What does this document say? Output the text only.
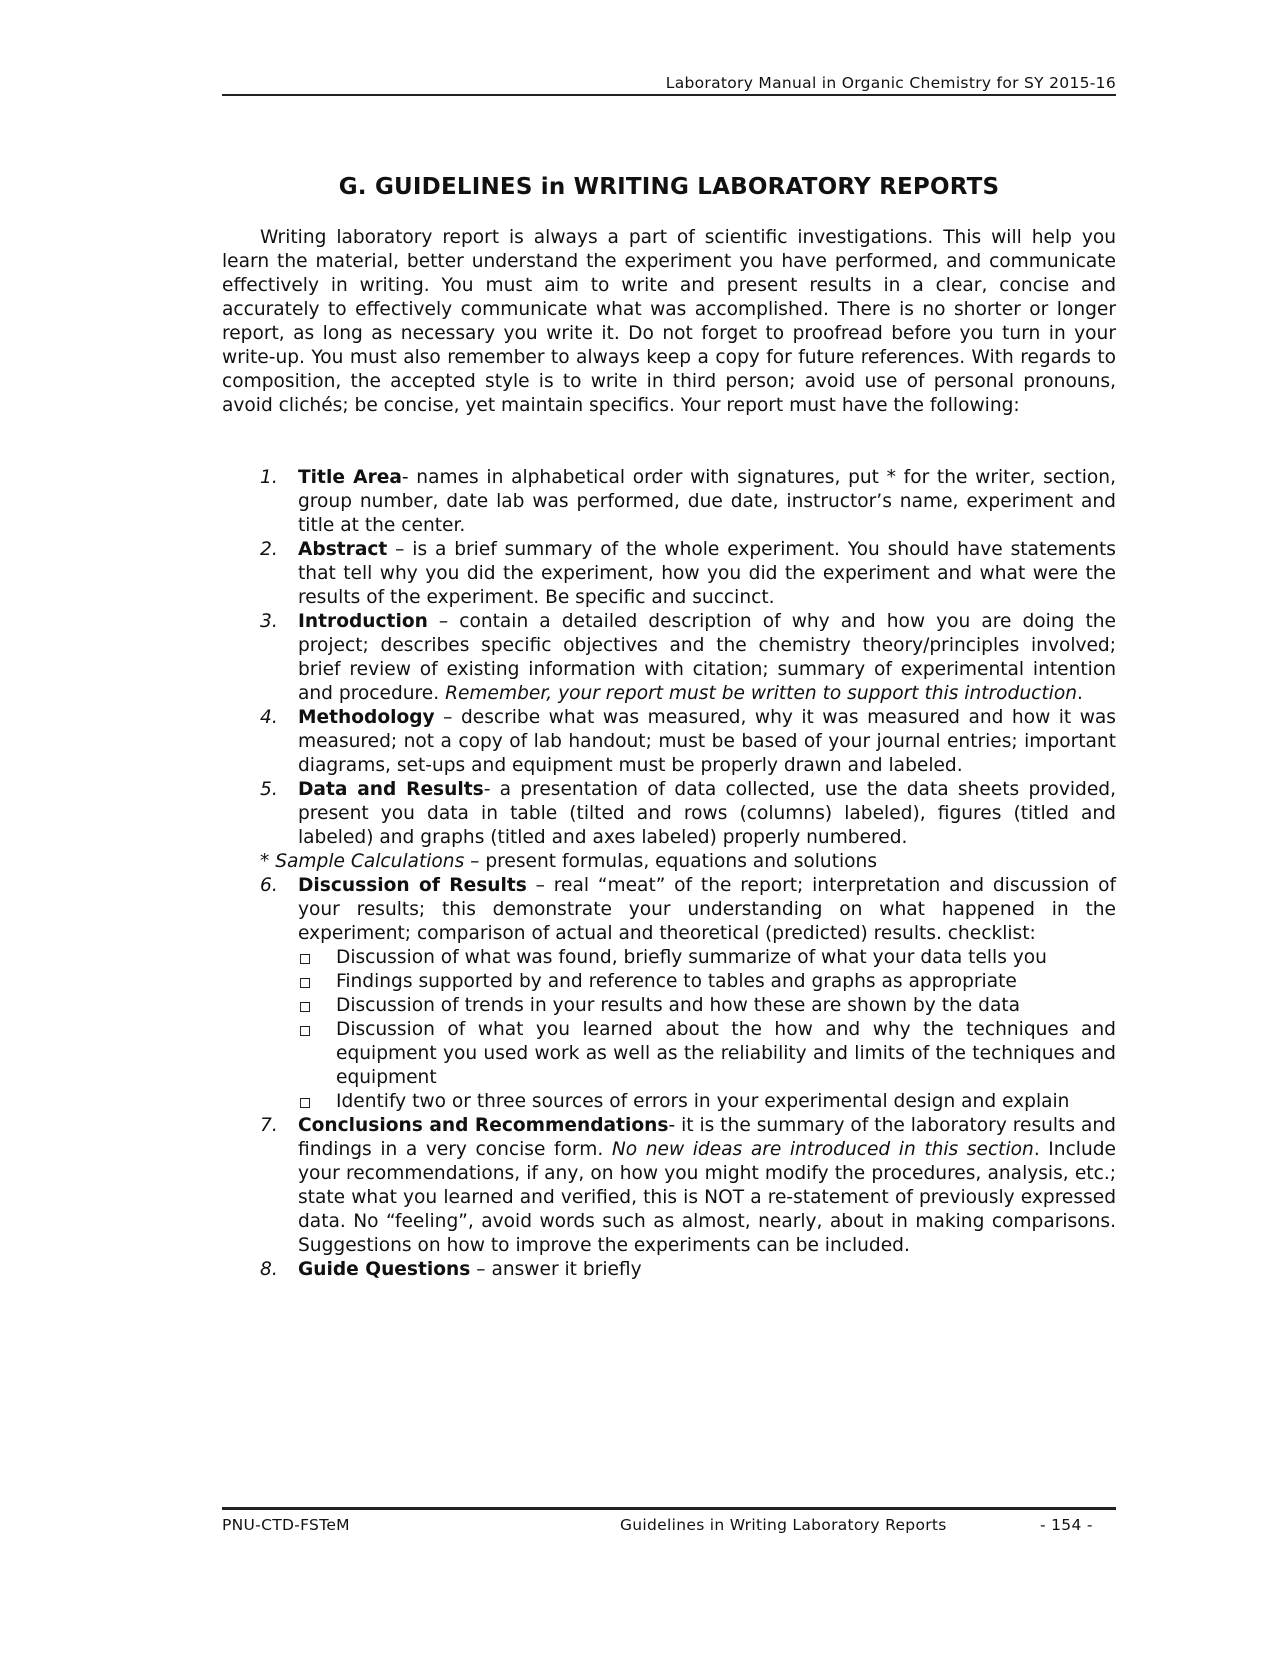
Laboratory Manual in Organic Chemistry for SY 2015-16
G. GUIDELINES in WRITING LABORATORY REPORTS

Writing laboratory report is always a part of scientific investigations. This will help you learn the material, better understand the experiment you have performed, and communicate effectively in writing. You must aim to write and present results in a clear, concise and accurately to effectively communicate what was accomplished. There is no shorter or longer report, as long as necessary you write it. Do not forget to proofread before you turn in your write-up. You must also remember to always keep a copy for future references. With regards to composition, the accepted style is to write in third person; avoid use of personal pronouns, avoid clichés; be concise, yet maintain specifics. Your report must have the following:

1. Title Area- names in alphabetical order with signatures, put * for the writer, section, group number, date lab was performed, due date, instructor’s name, experiment and title at the center.
2. Abstract – is a brief summary of the whole experiment. You should have statements that tell why you did the experiment, how you did the experiment and what were the results of the experiment. Be specific and succinct.
3. Introduction – contain a detailed description of why and how you are doing the project; describes specific objectives and the chemistry theory/principles involved; brief review of existing information with citation; summary of experimental intention and procedure. Remember, your report must be written to support this introduction.
4. Methodology – describe what was measured, why it was measured and how it was measured; not a copy of lab handout; must be based of your journal entries; important diagrams, set-ups and equipment must be properly drawn and labeled.
5. Data and Results- a presentation of data collected, use the data sheets provided, present you data in table (tilted and rows (columns) labeled), figures (titled and labeled) and graphs (titled and axes labeled) properly numbered.
* Sample Calculations – present formulas, equations and solutions
6. Discussion of Results – real “meat” of the report; interpretation and discussion of your results; this demonstrate your understanding on what happened in the experiment; comparison of actual and theoretical (predicted) results. checklist:
Discussion of what was found, briefly summarize of what your data tells you
Findings supported by and reference to tables and graphs as appropriate
Discussion of trends in your results and how these are shown by the data
Discussion of what you learned about the how and why the techniques and equipment you used work as well as the reliability and limits of the techniques and equipment
Identify two or three sources of errors in your experimental design and explain
7. Conclusions and Recommendations- it is the summary of the laboratory results and findings in a very concise form. No new ideas are introduced in this section. Include your recommendations, if any, on how you might modify the procedures, analysis, etc.; state what you learned and verified, this is NOT a re-statement of previously expressed data. No “feeling”, avoid words such as almost, nearly, about in making comparisons. Suggestions on how to improve the experiments can be included.
8. Guide Questions – answer it briefly
PNU-CTD-FSTeM	Guidelines in Writing Laboratory Reports	- 154 -
